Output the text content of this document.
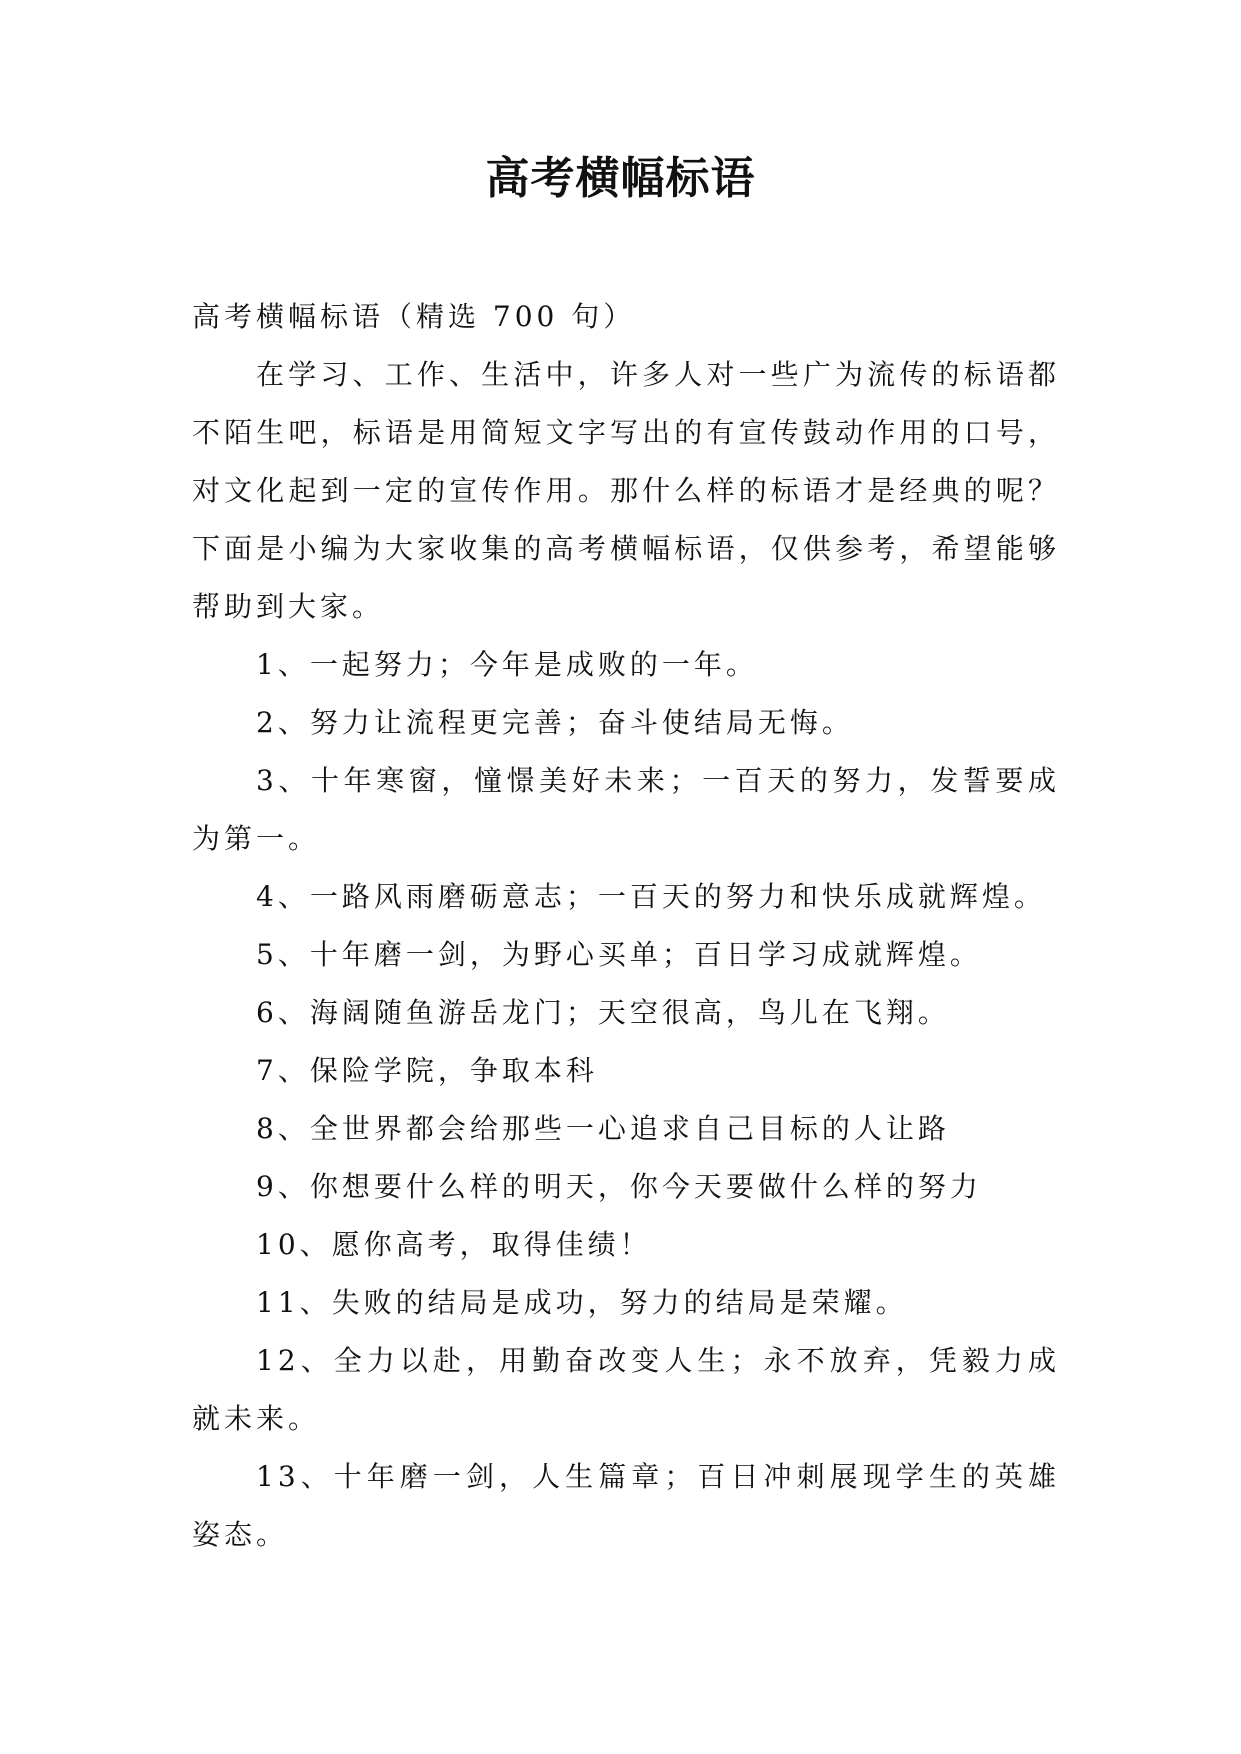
高考横幅标语

高考横幅标语（精选 700 句）

在学习、工作、生活中，许多人对一些广为流传的标语都不陌生吧，标语是用简短文字写出的有宣传鼓动作用的口号，对文化起到一定的宣传作用。那什么样的标语才是经典的呢？下面是小编为大家收集的高考横幅标语，仅供参考，希望能够帮助到大家。

1、一起努力；今年是成败的一年。

2、努力让流程更完善；奋斗使结局无悔。

3、十年寒窗，憧憬美好未来；一百天的努力，发誓要成为第一。

4、一路风雨磨砺意志；一百天的努力和快乐成就辉煌。

5、十年磨一剑，为野心买单；百日学习成就辉煌。

6、海阔随鱼游岳龙门；天空很高，鸟儿在飞翔。

7、保险学院，争取本科

8、全世界都会给那些一心追求自己目标的人让路

9、你想要什么样的明天，你今天要做什么样的努力

10、愿你高考，取得佳绩！

11、失败的结局是成功，努力的结局是荣耀。

12、全力以赴，用勤奋改变人生；永不放弃，凭毅力成就未来。

13、十年磨一剑，人生篇章；百日冲刺展现学生的英雄姿态。
